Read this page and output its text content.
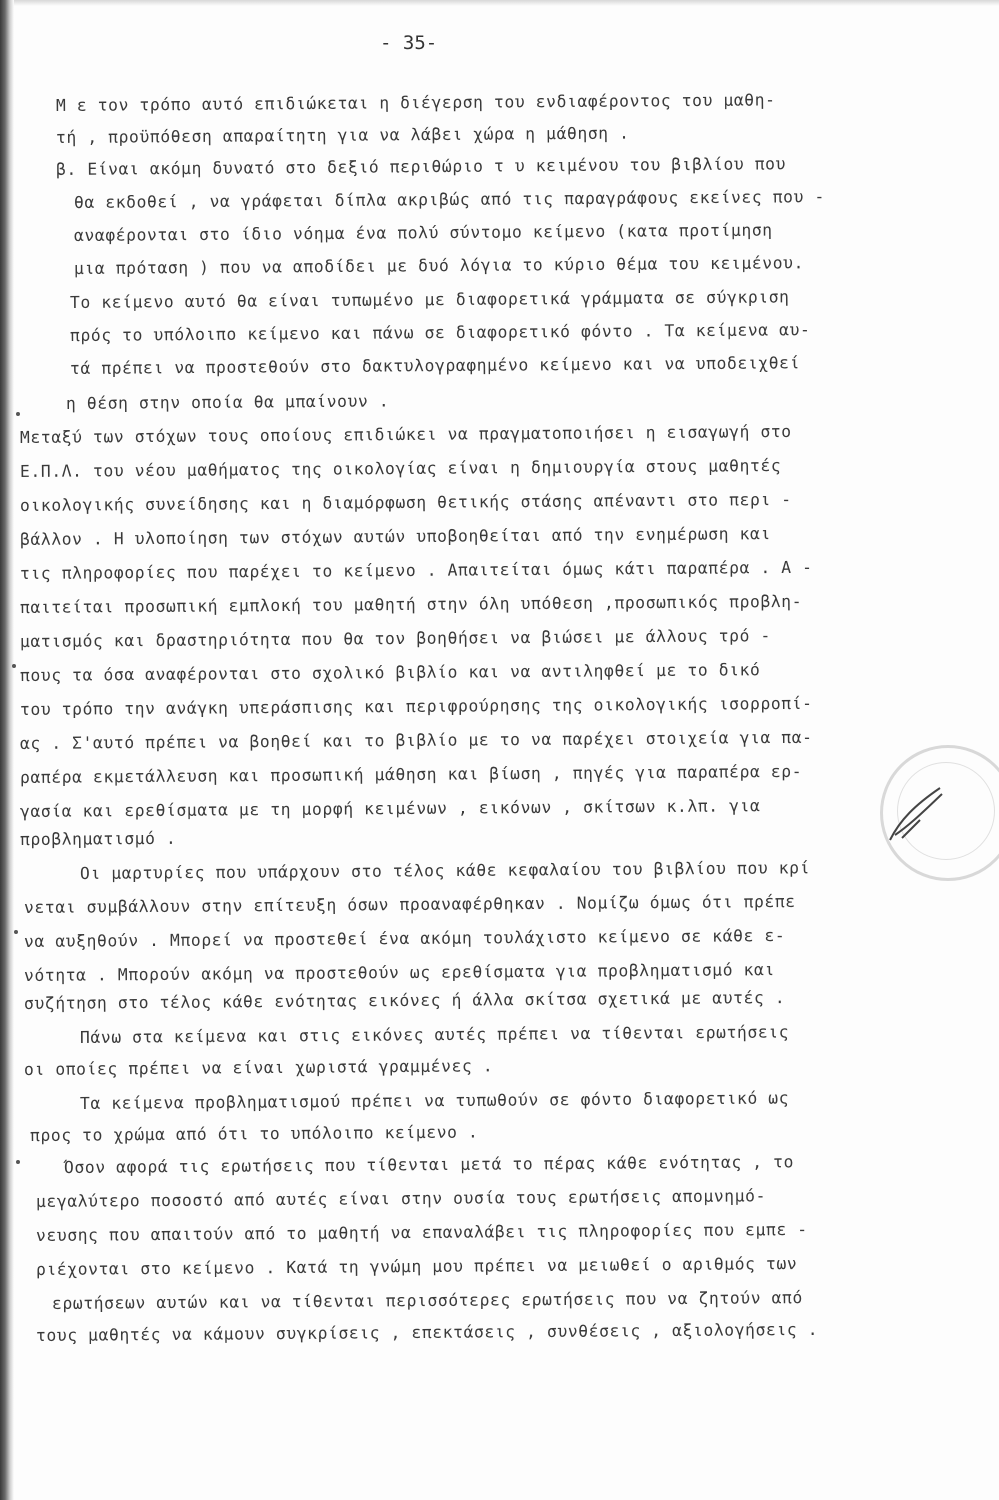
- 35-
Μ ε τον τρόπο αυτό επιδιώκεται η διέγερση του ενδιαφέροντος του μαθη-
τή , προϋπόθεση απαραίτητη για να λάβει χώρα η μάθηση .
β. Είναι ακόμη δυνατό στο δεξιό περιθώριο τ υ κειμένου του βιβλίου που
θα εκδοθεί , να γράφεται δίπλα ακριβώς από τις παραγράφους εκείνες που -
αναφέρονται στο ίδιο νόημα ένα πολύ σύντομο κείμενο (κατα προτίμηση
μια πρόταση ) που να αποδίδει με δυό λόγια το κύριο θέμα του κειμένου.
Το κείμενο αυτό θα είναι τυπωμένο με διαφορετικά γράμματα σε σύγκριση
πρός το υπόλοιπο κείμενο και πάνω σε διαφορετικό φόντο . Τα κείμενα αυ-
τά πρέπει να προστεθούν στο δακτυλογραφημένο κείμενο και να υποδειχθεί
η θέση στην οποία θα μπαίνουν .
Μεταξύ των στόχων τους οποίους επιδιώκει να πραγματοποιήσει η εισαγωγή στο
Ε.Π.Λ. του νέου μαθήματος της οικολογίας είναι η δημιουργία στους μαθητές
οικολογικής συνείδησης και η διαμόρφωση θετικής στάσης απέναντι στο περι -
βάλλον . Η υλοποίηση των στόχων αυτών υποβοηθείται από την ενημέρωση και
τις πληροφορίες που παρέχει το κείμενο . Απαιτείται όμως κάτι παραπέρα . Α -
παιτείται προσωπική εμπλοκή του μαθητή στην όλη υπόθεση ,προσωπικός προβλη-
ματισμός και δραστηριότητα που θα τον βοηθήσει να βιώσει με άλλους τρό -
πους τα όσα αναφέρονται στο σχολικό βιβλίο και να αντιληφθεί με το δικό
του τρόπο την ανάγκη υπεράσπισης και περιφρούρησης της οικολογικής ισορροπί-
ας . Σ'αυτό πρέπει να βοηθεί και το βιβλίο με το να παρέχει στοιχεία για πα-
ραπέρα εκμετάλλευση και προσωπική μάθηση και βίωση , πηγές για παραπέρα ερ-
γασία και ερεθίσματα με τη μορφή κειμένων , εικόνων , σκίτσων κ.λπ. για
προβληματισμό .
Οι μαρτυρίες που υπάρχουν στο τέλος κάθε κεφαλαίου του βιβλίου που κρί
νεται συμβάλλουν στην επίτευξη όσων προαναφέρθηκαν . Νομίζω όμως ότι πρέπε
να αυξηθούν . Μπορεί να προστεθεί ένα ακόμη τουλάχιστο κείμενο σε κάθε ε-
νότητα . Μπορούν ακόμη να προστεθούν ως ερεθίσματα για προβληματισμό και
συζήτηση στο τέλος κάθε ενότητας εικόνες ή άλλα σκίτσα σχετικά με αυτές .
Πάνω στα κείμενα και στις εικόνες αυτές πρέπει να τίθενται ερωτήσεις
οι οποίες πρέπει να είναι χωριστά γραμμένες .
Τα κείμενα προβληματισμού πρέπει να τυπωθούν σε φόντο διαφορετικό ως
προς το χρώμα από ότι το υπόλοιπο κείμενο .
Όσον αφορά τις ερωτήσεις που τίθενται μετά το πέρας κάθε ενότητας , το
μεγαλύτερο ποσοστό από αυτές είναι στην ουσία τους ερωτήσεις απομνημό-
νευσης που απαιτούν από το μαθητή να επαναλάβει τις πληροφορίες που εμπε -
ριέχονται στο κείμενο . Κατά τη γνώμη μου πρέπει να μειωθεί ο αριθμός των
ερωτήσεων αυτών και να τίθενται περισσότερες ερωτήσεις που να ζητούν από
τους μαθητές να κάμουν συγκρίσεις , επεκτάσεις , συνθέσεις , αξιολογήσεις .
